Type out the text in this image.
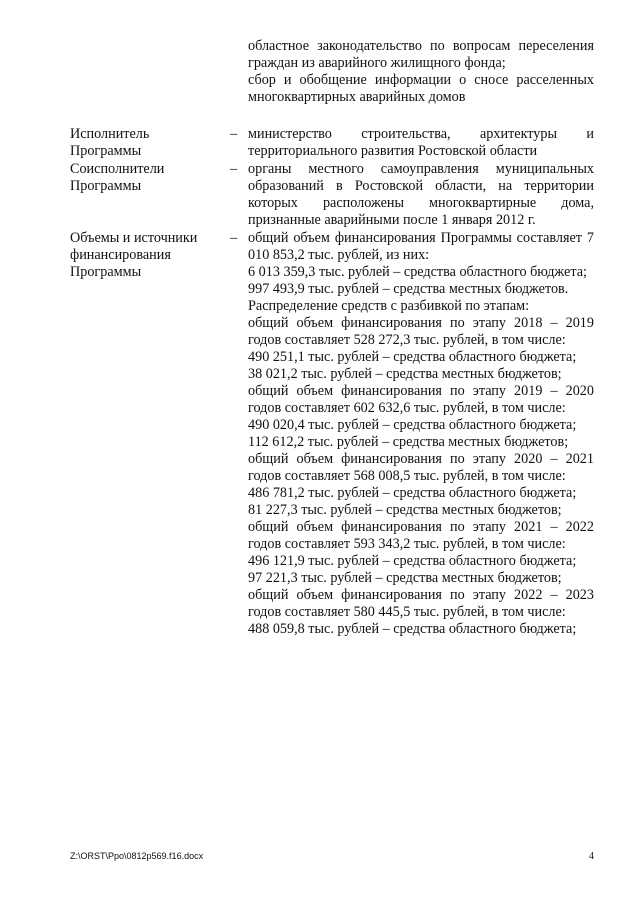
областное законодательство по вопросам переселения граждан из аварийного жилищного фонда;

сбор и обобщение информации о сносе расселенных многоквартирных аварийных домов

Исполнитель

Программы

– министерство строительства, архитектуры и территориального развития Ростовской области

Соисполнители

Программы

– органы местного самоуправления муниципальных образований в Ростовской области, на территории которых расположены многоквартирные дома, признанные аварийными после 1 января 2012 г.

Объемы и источники

финансирования

Программы

– общий объем финансирования Программы составляет 7 010 853,2 тыс. рублей, из них:

6 013 359,3 тыс. рублей – средства областного бюджета;

997 493,9 тыс. рублей – средства местных бюджетов.

Распределение средств с разбивкой по этапам:

общий объем финансирования по этапу 2018 – 2019 годов составляет 528 272,3 тыс. рублей, в том числе:

490 251,1 тыс. рублей – средства областного бюджета;

38 021,2 тыс. рублей – средства местных бюджетов;

общий объем финансирования по этапу 2019 – 2020 годов составляет 602 632,6 тыс. рублей, в том числе:

490 020,4 тыс. рублей – средства областного бюджета;

112 612,2 тыс. рублей – средства местных бюджетов;

общий объем финансирования по этапу 2020 – 2021 годов составляет 568 008,5 тыс. рублей, в том числе:

486 781,2 тыс. рублей – средства областного бюджета;

81 227,3 тыс. рублей – средства местных бюджетов;

общий объем финансирования по этапу 2021 – 2022 годов составляет 593 343,2 тыс. рублей, в том числе:

496 121,9 тыс. рублей – средства областного бюджета;

97 221,3 тыс. рублей – средства местных бюджетов;

общий объем финансирования по этапу 2022 – 2023 годов составляет 580 445,5 тыс. рублей, в том числе:

488 059,8 тыс. рублей – средства областного бюджета;

Z:\ORST\Ppo\0812p569.f16.docx	4
